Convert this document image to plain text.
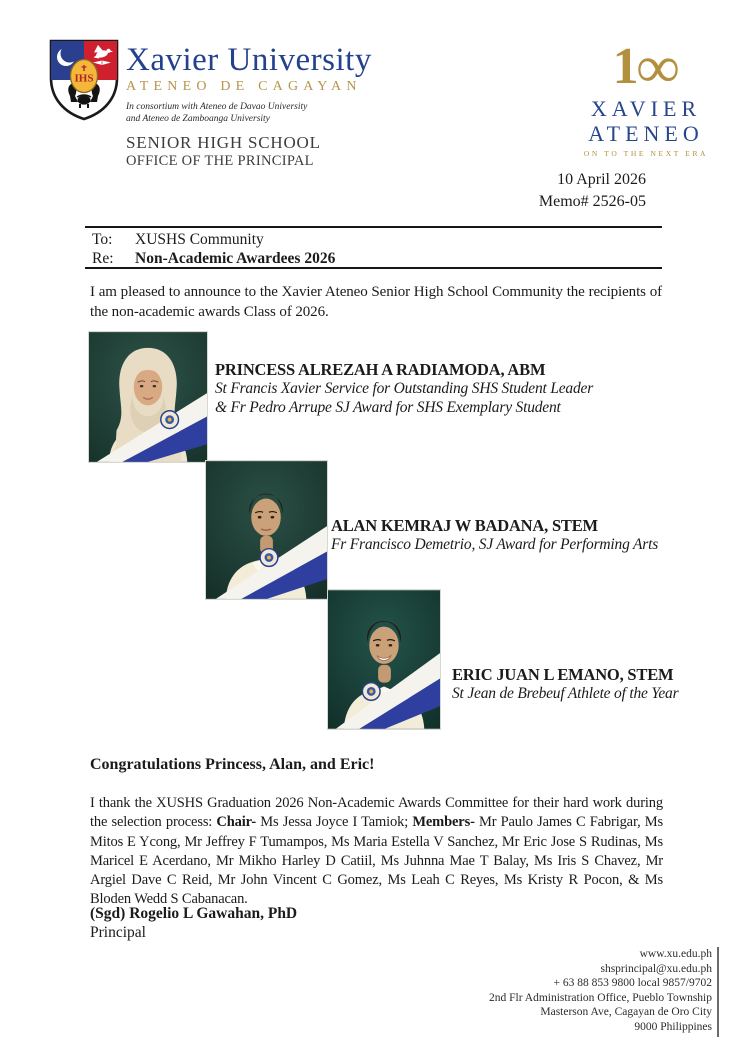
IHS
Xavier University
ATENEO DE CAGAYAN
In consortium with Ateneo de Davao University
and Ateneo de Zamboanga University
SENIOR HIGH SCHOOL
OFFICE OF THE PRINCIPAL
1
∞
XAVIER
ATENEO
ON TO THE NEXT ERA
10 April 2026
Memo# 2526-05
To:	XUSHS Community
Re:	Non-Academic Awardees 2026

I am pleased to announce to the Xavier Ateneo Senior High School Community the recipients of the non-academic awards Class of 2026.

PRINCESS ALREZAH A RADIAMODA, ABM
St Francis Xavier Service for Outstanding SHS Student Leader
& Fr Pedro Arrupe SJ Award for SHS Exemplary Student
ALAN KEMRAJ W BADANA, STEM
Fr Francisco Demetrio, SJ Award for Performing Arts
ERIC JUAN L EMANO, STEM
St Jean de Brebeuf Athlete of the Year
Congratulations Princess, Alan, and Eric!

I thank the XUSHS Graduation 2026 Non-Academic Awards Committee for their hard work during the selection process: Chair- Ms Jessa Joyce I Tamiok; Members- Mr Paulo James C Fabrigar, Ms Mitos E Ycong, Mr Jeffrey F Tumampos, Ms Maria Estella V Sanchez, Mr Eric Jose S Rudinas, Ms Maricel E Acerdano, Mr Mikho Harley D Catiil, Ms Juhnna Mae T Balay, Ms Iris S Chavez, Mr Argiel Dave C Reid, Mr John Vincent C Gomez, Ms Leah C Reyes, Ms Kristy R Pocon, & Ms Bloden Wedd S Cabanacan.

(Sgd) Rogelio L Gawahan, PhD
Principal
www.xu.edu.ph
shsprincipal@xu.edu.ph
+ 63 88 853 9800 local 9857/9702
2nd Flr Administration Office, Pueblo Township
Masterson Ave, Cagayan de Oro City
9000 Philippines
